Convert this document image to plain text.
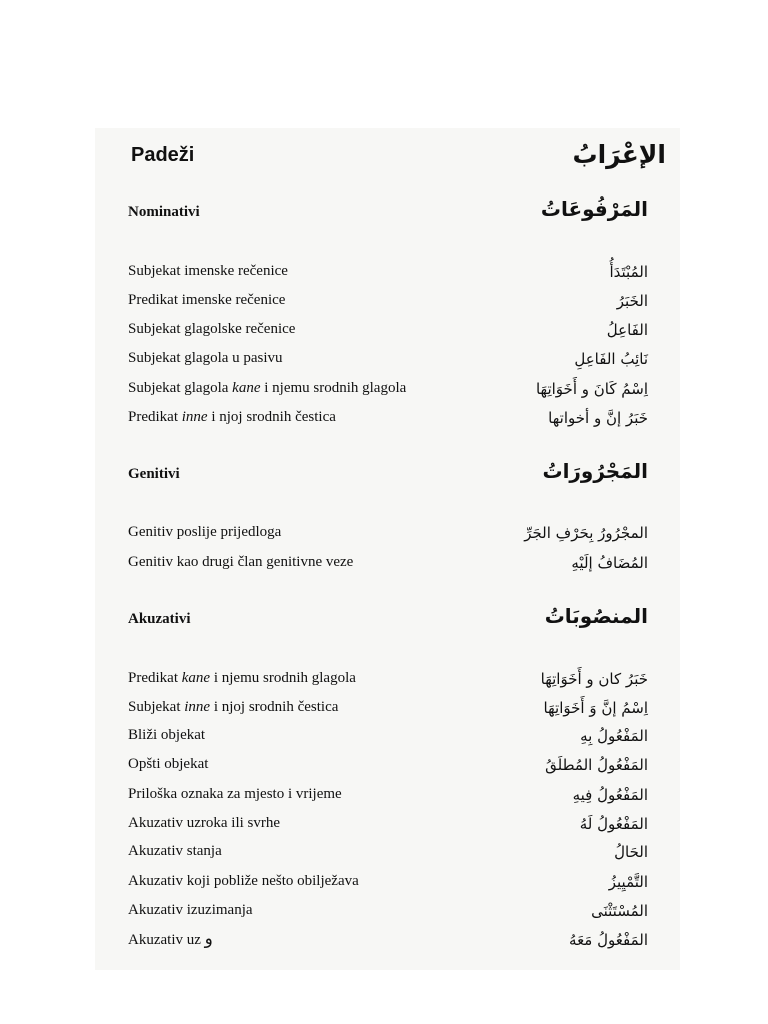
Padeži	الإعْرَابُ
Nominativi	المَرْفُوعَاتُ
Subjekat imenske rečenice	المُبْتَدَأُ
Predikat imenske rečenice	الخَبَرُ
Subjekat glagolske rečenice	الفَاعِلُ
Subjekat glagola u pasivu	نَائِبُ الفَاعِلِ
Subjekat glagola kane i njemu srodnih glagola	اِسْمُ كَانَ و أَخَوَاتِهَا
Predikat inne i njoj srodnih čestica	خَبَرُ إنَّ و أخواتها
Genitivi	المَجْرُورَاتُ
Genitiv poslije prijedloga	المجْرُورُ بِحَرْفِ الجَرِّ
Genitiv kao drugi član genitivne veze	المُضَافُ إلَيْهِ
Akuzativi	المنصُوبَاتُ
Predikat kane i njemu srodnih glagola	خَبَرُ كان و أَخَوَاتِهَا
Subjekat inne i njoj srodnih čestica	اِسْمُ إنَّ وَ أَخَوَاتِهَا
Bliži objekat	المَفْعُولُ بِهِ
Opšti objekat	المَفْعُولُ المُطلَقُ
Priloška oznaka za mjesto i vrijeme	المَفْعُولُ فِيهِ
Akuzativ uzroka ili svrhe	المَفْعُولُ لَهُ
Akuzativ stanja	الحَالُ
Akuzativ koji pobliže nešto obilježava	التَّمْيِيزُ
Akuzativ izuzimanja	المُسْتَثْنَى
Akuzativ uz و	المَفْعُولُ مَعَهُ
